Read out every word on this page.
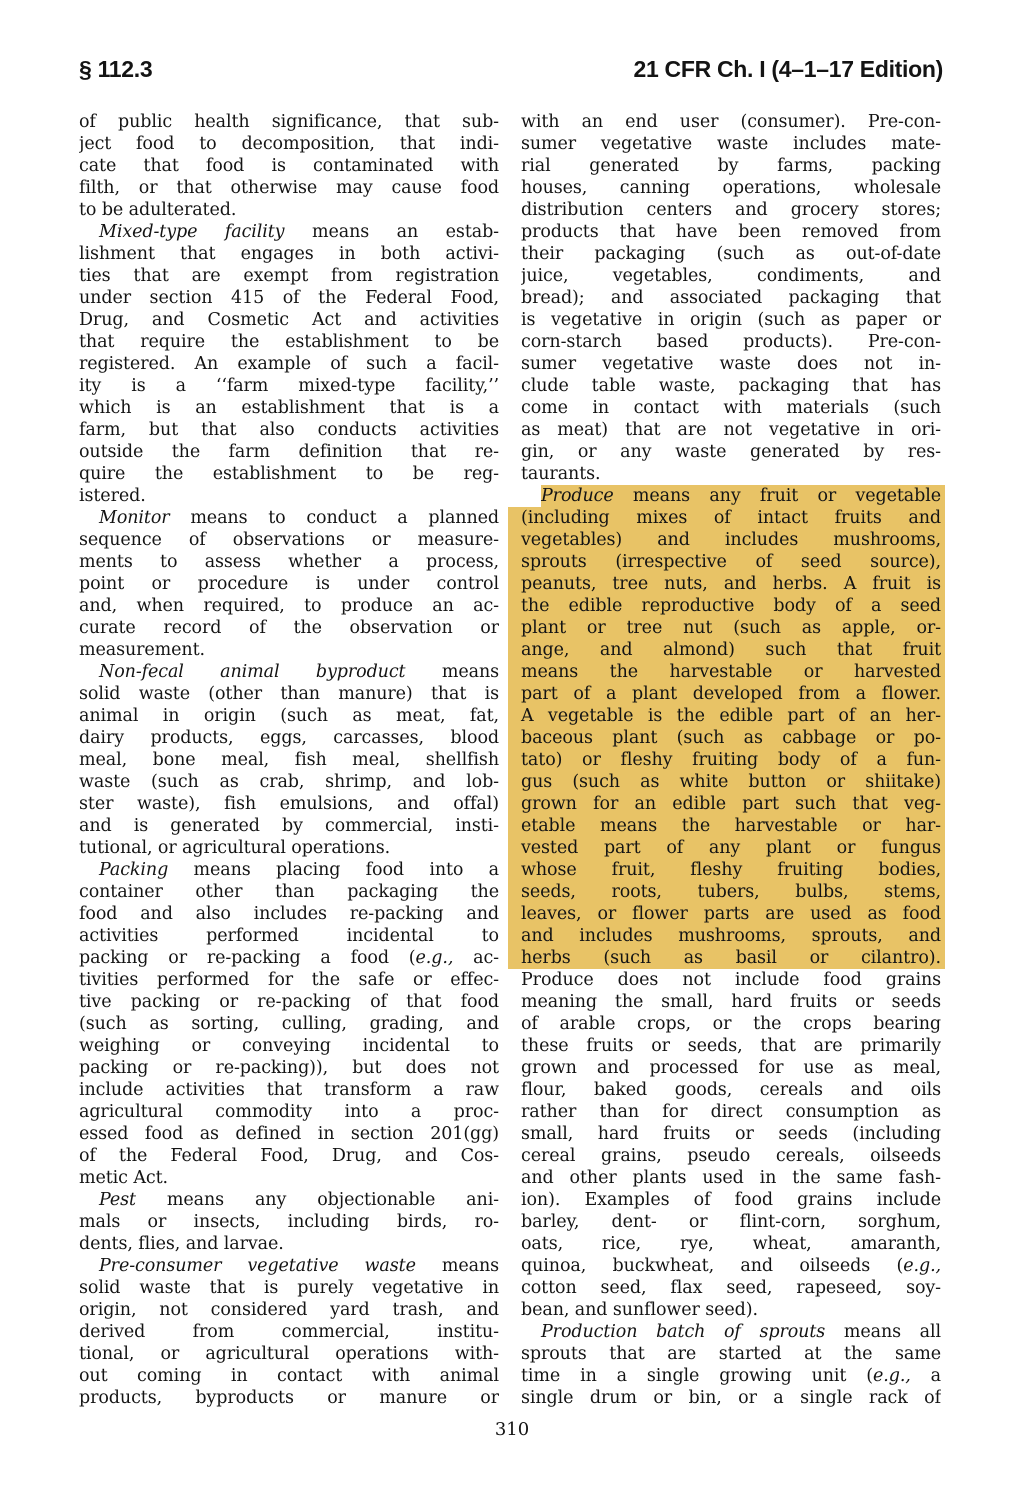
§ 112.3	21 CFR Ch. I (4–1–17 Edition)
of public health significance, that sub-
ject food to decomposition, that indi-
cate that food is contaminated with
filth, or that otherwise may cause food
to be adulterated.
Mixed-type facility means an estab-
lishment that engages in both activi-
ties that are exempt from registration
under section 415 of the Federal Food,
Drug, and Cosmetic Act and activities
that require the establishment to be
registered. An example of such a facil-
ity is a ‘‘farm mixed-type facility,’’
which is an establishment that is a
farm, but that also conducts activities
outside the farm definition that re-
quire the establishment to be reg-
istered.
Monitor means to conduct a planned
sequence of observations or measure-
ments to assess whether a process,
point or procedure is under control
and, when required, to produce an ac-
curate record of the observation or
measurement.
Non-fecal animal byproduct means
solid waste (other than manure) that is
animal in origin (such as meat, fat,
dairy products, eggs, carcasses, blood
meal, bone meal, fish meal, shellfish
waste (such as crab, shrimp, and lob-
ster waste), fish emulsions, and offal)
and is generated by commercial, insti-
tutional, or agricultural operations.
Packing means placing food into a
container other than packaging the
food and also includes re-packing and
activities performed incidental to
packing or re-packing a food (e.g., ac-
tivities performed for the safe or effec-
tive packing or re-packing of that food
(such as sorting, culling, grading, and
weighing or conveying incidental to
packing or re-packing)), but does not
include activities that transform a raw
agricultural commodity into a proc-
essed food as defined in section 201(gg)
of the Federal Food, Drug, and Cos-
metic Act.
Pest means any objectionable ani-
mals or insects, including birds, ro-
dents, flies, and larvae.
Pre-consumer vegetative waste means
solid waste that is purely vegetative in
origin, not considered yard trash, and
derived from commercial, institu-
tional, or agricultural operations with-
out coming in contact with animal
products, byproducts or manure or
with an end user (consumer). Pre-con-
sumer vegetative waste includes mate-
rial generated by farms, packing
houses, canning operations, wholesale
distribution centers and grocery stores;
products that have been removed from
their packaging (such as out-of-date
juice, vegetables, condiments, and
bread); and associated packaging that
is vegetative in origin (such as paper or
corn-starch based products). Pre-con-
sumer vegetative waste does not in-
clude table waste, packaging that has
come in contact with materials (such
as meat) that are not vegetative in ori-
gin, or any waste generated by res-
taurants.
Produce means any fruit or vegetable
(including mixes of intact fruits and
vegetables) and includes mushrooms,
sprouts (irrespective of seed source),
peanuts, tree nuts, and herbs. A fruit is
the edible reproductive body of a seed
plant or tree nut (such as apple, or-
ange, and almond) such that fruit
means the harvestable or harvested
part of a plant developed from a flower.
A vegetable is the edible part of an her-
baceous plant (such as cabbage or po-
tato) or fleshy fruiting body of a fun-
gus (such as white button or shiitake)
grown for an edible part such that veg-
etable means the harvestable or har-
vested part of any plant or fungus
whose fruit, fleshy fruiting bodies,
seeds, roots, tubers, bulbs, stems,
leaves, or flower parts are used as food
and includes mushrooms, sprouts, and
herbs (such as basil or cilantro).
Produce does not include food grains
meaning the small, hard fruits or seeds
of arable crops, or the crops bearing
these fruits or seeds, that are primarily
grown and processed for use as meal,
flour, baked goods, cereals and oils
rather than for direct consumption as
small, hard fruits or seeds (including
cereal grains, pseudo cereals, oilseeds
and other plants used in the same fash-
ion). Examples of food grains include
barley, dent- or flint-corn, sorghum,
oats, rice, rye, wheat, amaranth,
quinoa, buckwheat, and oilseeds (e.g.,
cotton seed, flax seed, rapeseed, soy-
bean, and sunflower seed).
Production batch of sprouts means all
sprouts that are started at the same
time in a single growing unit (e.g., a
single drum or bin, or a single rack of
310
